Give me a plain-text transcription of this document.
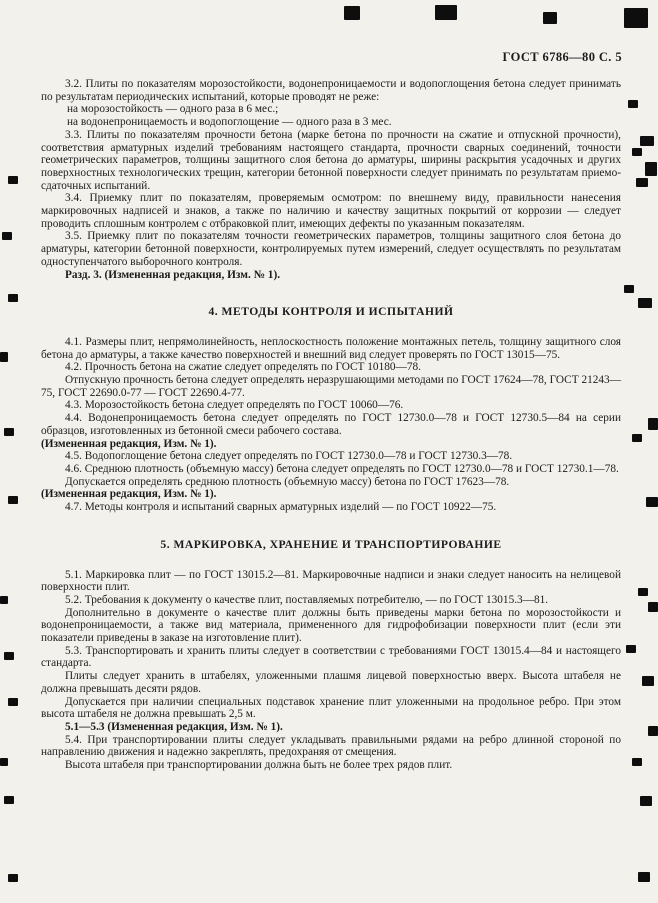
ГОСТ 6786—80 С. 5

3.2. Плиты по показателям морозостойкости, водонепроницаемости и водопоглощения бетона следует принимать по результатам периодических испытаний, которые проводят не реже:

на морозостойкость — одного раза в 6 мес.;

на водонепроницаемость и водопоглощение — одного раза в 3 мес.

3.3. Плиты по показателям прочности бетона (марке бетона по прочности на сжатие и отпускной прочности), соответствия арматурных изделий требованиям настоящего стандарта, прочности сварных соединений, точности геометрических параметров, толщины защитного слоя бетона до арматуры, ширины раскрытия усадочных и других поверхностных технологических трещин, категории бетонной поверхности следует принимать по результатам приемо-сдаточных испытаний.

3.4. Приемку плит по показателям, проверяемым осмотром: по внешнему виду, правильности нанесения маркировочных надписей и знаков, а также по наличию и качеству защитных покрытий от коррозии — следует проводить сплошным контролем с отбраковкой плит, имеющих дефекты по указанным показателям.

3.5. Приемку плит по показателям точности геометрических параметров, толщины защитного слоя бетона до арматуры, категории бетонной поверхности, контролируемых путем измерений, следует осуществлять по результатам одноступенчатого выборочного контроля.

Разд. 3. (Измененная редакция, Изм. № 1).

4. МЕТОДЫ КОНТРОЛЯ И ИСПЫТАНИЙ

4.1. Размеры плит, непрямолинейность, неплоскостность положение монтажных петель, толщину защитного слоя бетона до арматуры, а также качество поверхностей и внешний вид следует проверять по ГОСТ 13015—75.

4.2. Прочность бетона на сжатие следует определять по ГОСТ 10180—78.

Отпускную прочность бетона следует определять неразрушающими методами по ГОСТ 17624—78, ГОСТ 21243—75, ГОСТ 22690.0-77 — ГОСТ 22690.4-77.

4.3. Морозостойкость бетона следует определять по ГОСТ 10060—76.

4.4. Водонепроницаемость бетона следует определять по ГОСТ 12730.0—78 и ГОСТ 12730.5—84 на серии образцов, изготовленных из бетонной смеси рабочего состава.

(Измененная редакция, Изм. № 1).

4.5. Водопоглощение бетона следует определять по ГОСТ 12730.0—78 и ГОСТ 12730.3—78.

4.6. Среднюю плотность (объемную массу) бетона следует определять по ГОСТ 12730.0—78 и ГОСТ 12730.1—78.

Допускается определять среднюю плотность (объемную массу) бетона по ГОСТ 17623—78.

(Измененная редакция, Изм. № 1).

4.7. Методы контроля и испытаний сварных арматурных изделий — по ГОСТ 10922—75.

5. МАРКИРОВКА, ХРАНЕНИЕ И ТРАНСПОРТИРОВАНИЕ

5.1. Маркировка плит — по ГОСТ 13015.2—81. Маркировочные надписи и знаки следует наносить на нелицевой поверхности плит.

5.2. Требования к документу о качестве плит, поставляемых потребителю, — по ГОСТ 13015.3—81.

Дополнительно в документе о качестве плит должны быть приведены марки бетона по морозостойкости и водонепроницаемости, а также вид материала, примененного для гидрофобизации поверхности плит (если эти показатели приведены в заказе на изготовление плит).

5.3. Транспортировать и хранить плиты следует в соответствии с требованиями ГОСТ 13015.4—84 и настоящего стандарта.

Плиты следует хранить в штабелях, уложенными плашмя лицевой поверхностью вверх. Высота штабеля не должна превышать десяти рядов.

Допускается при наличии специальных подставок хранение плит уложенными на продольное ребро. При этом высота штабеля не должна превышать 2,5 м.

5.1—5.3 (Измененная редакция, Изм. № 1).

5.4. При транспортировании плиты следует укладывать правильными рядами на ребро длинной стороной по направлению движения и надежно закреплять, предохраняя от смещения.

Высота штабеля при транспортировании должна быть не более трех рядов плит.
